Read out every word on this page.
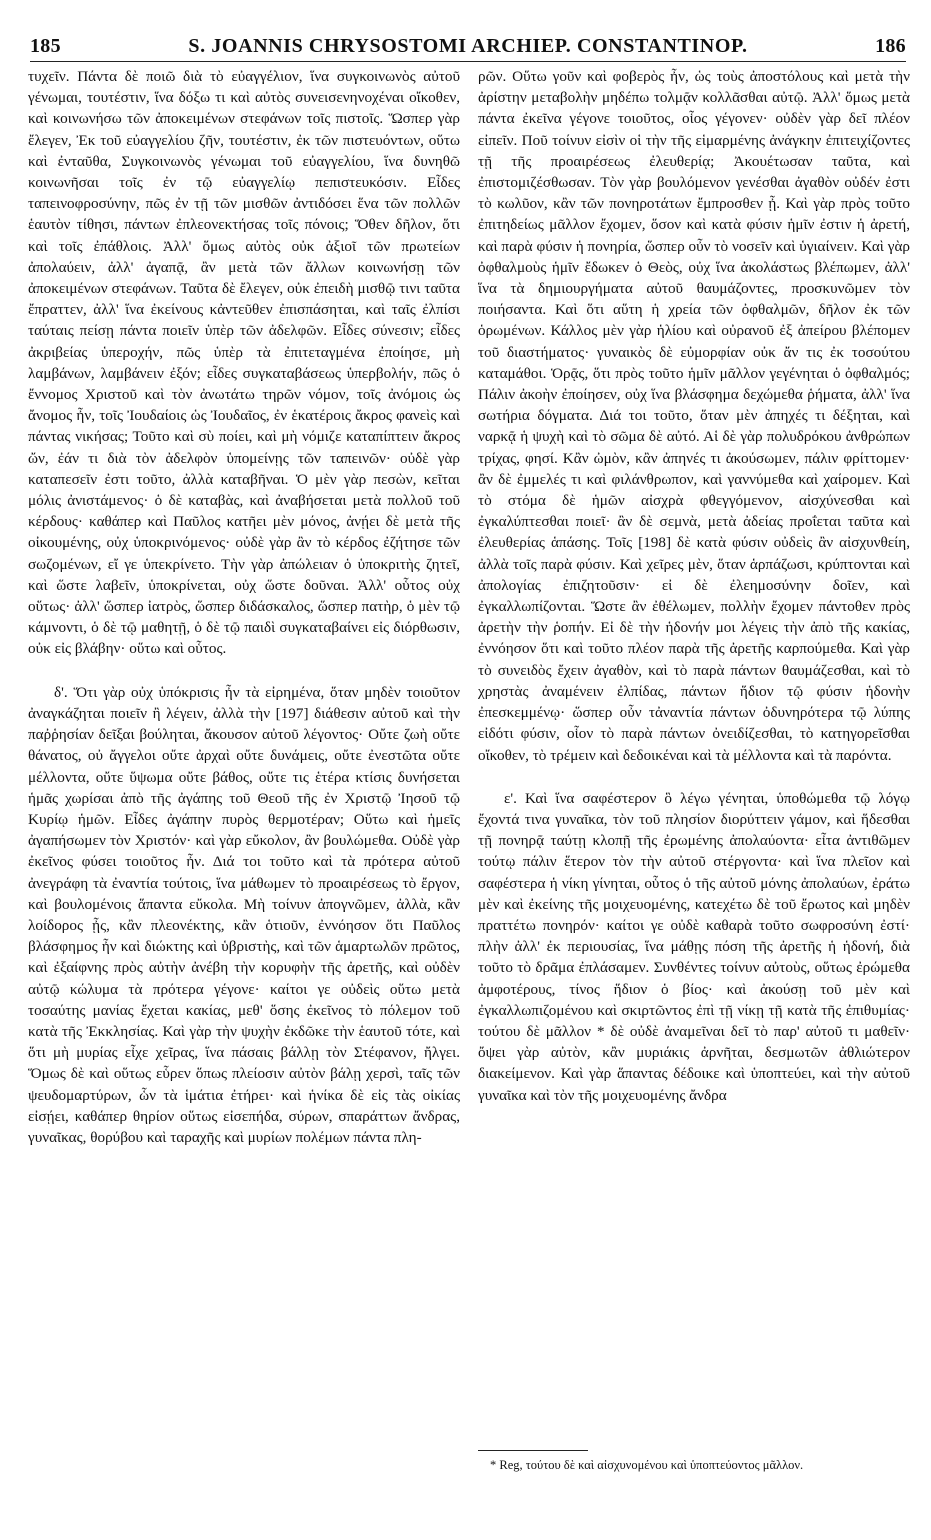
185	S. JOANNIS CHRYSOSTOMI ARCHIEP. CONSTANTINOP.	186

τυχεῖν. Πάντα δὲ ποιῶ διὰ τὸ εὐαγγέλιον, ἵνα συγκοινωνὸς αὐτοῦ γένωμαι, τουτέστιν, ἵνα δόξω τι καὶ αὐτὸς συνεισενηνοχέναι οἴκοθεν, καὶ κοινωνήσω τῶν ἀποκειμένων στεφάνων τοῖς πιστοῖς. Ὥσπερ γὰρ ἔλεγεν, Ἐκ τοῦ εὐαγγελίου ζῆν, τουτέστιν, ἐκ τῶν πιστευόντων, οὕτω καὶ ἐνταῦθα, Συγκοινωνὸς γένωμαι τοῦ εὐαγγελίου, ἵνα δυνηθῶ κοινωνῆσαι τοῖς ἐν τῷ εὐαγγελίῳ πεπιστευκόσιν. Εἶδες ταπεινοφροσύνην, πῶς ἐν τῇ τῶν μισθῶν ἀντιδόσει ἕνα τῶν πολλῶν ἑαυτὸν τίθησι, πάντων ἐπλεονεκτήσας τοῖς πόνοις; Ὅθεν δῆλον, ὅτι καὶ τοῖς ἐπάθλοις. Ἀλλ' ὅμως αὐτὸς οὐκ ἀξιοῖ τῶν πρωτείων ἀπολαύειν, ἀλλ' ἀγαπᾷ, ἂν μετὰ τῶν ἄλλων κοινωνήσῃ τῶν ἀποκειμένων στεφάνων. Ταῦτα δὲ ἔλεγεν, οὐκ ἐπειδὴ μισθῷ τινι ταῦτα ἔπραττεν, ἀλλ' ἵνα ἐκείνους κἀντεῦθεν ἐπισπάσηται, καὶ ταῖς ἐλπίσι ταύταις πείσῃ πάντα ποιεῖν ὑπὲρ τῶν ἀδελφῶν. Εἶδες σύνεσιν; εἶδες ἀκριβείας ὑπεροχήν, πῶς ὑπὲρ τὰ ἐπιτεταγμένα ἐποίησε, μὴ λαμβάνων, λαμβάνειν ἐξόν; εἶδες συγκαταβάσεως ὑπερβολήν, πῶς ὁ ἔννομος Χριστοῦ καὶ τὸν ἀνωτάτω τηρῶν νόμον, τοῖς ἀνόμοις ὡς ἄνομος ἦν, τοῖς Ἰουδαίοις ὡς Ἰουδαῖος, ἐν ἑκατέροις ἄκρος φανεὶς καὶ πάντας νικήσας; Τοῦτο καὶ σὺ ποίει, καὶ μὴ νόμιζε καταπίπτειν ἄκρος ὤν, ἐάν τι διὰ τὸν ἀδελφὸν ὑπομείνῃς τῶν ταπεινῶν· οὐδὲ γὰρ καταπεσεῖν ἐστι τοῦτο, ἀλλὰ καταβῆναι. Ὁ μὲν γὰρ πεσὼν, κεῖται μόλις ἀνιστάμενος· ὁ δὲ καταβὰς, καὶ ἀναβήσεται μετὰ πολλοῦ τοῦ κέρδους· καθάπερ καὶ Παῦλος κατῆει μὲν μόνος, ἀνῄει δὲ μετὰ τῆς οἰκουμένης, οὐχ ὑποκρινόμενος· οὐδὲ γὰρ ἂν τὸ κέρδος ἐζήτησε τῶν σωζομένων, εἴ γε ὑπεκρίνετο. Τὴν γὰρ ἀπώλειαν ὁ ὑποκριτὴς ζητεῖ, καὶ ὥστε λαβεῖν, ὑποκρίνεται, οὐχ ὥστε δοῦναι. Ἀλλ' οὗτος οὐχ οὕτως· ἀλλ' ὥσπερ ἰατρὸς, ὥσπερ διδάσκαλος, ὥσπερ πατὴρ, ὁ μὲν τῷ κάμνοντι, ὁ δὲ τῷ μαθητῇ, ὁ δὲ τῷ παιδὶ συγκαταβαίνει εἰς διόρθωσιν, οὐκ εἰς βλάβην· οὕτω καὶ οὗτος.

δ'. Ὅτι γὰρ οὐχ ὑπόκρισις ἦν τὰ εἰρημένα, ὅταν μηδὲν τοιοῦτον ἀναγκάζηται ποιεῖν ἢ λέγειν, ἀλλὰ τὴν [197] διάθεσιν αὐτοῦ καὶ τὴν παῤῥησίαν δεῖξαι βούληται, ἄκουσον αὐτοῦ λέγοντος· Οὔτε ζωὴ οὔτε θάνατος, οὐ ἄγγελοι οὔτε ἀρχαὶ οὔτε δυνάμεις, οὔτε ἐνεστῶτα οὔτε μέλλοντα, οὔτε ὕψωμα οὔτε βάθος, οὔτε τις ἑτέρα κτίσις δυνήσεται ἡμᾶς χωρίσαι ἀπὸ τῆς ἀγάπης τοῦ Θεοῦ τῆς ἐν Χριστῷ Ἰησοῦ τῷ Κυρίῳ ἡμῶν. Εἶδες ἀγάπην πυρὸς θερμοτέραν; Οὕτω καὶ ἡμεῖς ἀγαπήσωμεν τὸν Χριστόν· καὶ γὰρ εὔκολον, ἂν βουλώμεθα. Οὐδὲ γὰρ ἐκεῖνος φύσει τοιοῦτος ἦν. Διά τοι τοῦτο καὶ τὰ πρότερα αὐτοῦ ἀνεγράφη τὰ ἐναντία τούτοις, ἵνα μάθωμεν τὸ προαιρέσεως τὸ ἔργον, καὶ βουλομένοις ἅπαντα εὔκολα. Μὴ τοίνυν ἀπογνῶμεν, ἀλλὰ, κἂν λοίδορος ᾖς, κἂν πλεονέκτης, κἂν ὁτιοῦν, ἐννόησον ὅτι Παῦλος βλάσφημος ἦν καὶ διώκτης καὶ ὑβριστὴς, καὶ τῶν ἁμαρτωλῶν πρῶτος, καὶ ἐξαίφνης πρὸς αὐτὴν ἀνέβη τὴν κορυφὴν τῆς ἀρετῆς, καὶ οὐδὲν αὐτῷ κώλυμα τὰ πρότερα γέγονε· καίτοι γε οὐδεὶς οὕτω μετὰ τοσαύτης μανίας ἔχεται κακίας, μεθ' ὅσης ἐκεῖνος τὸ πόλεμον τοῦ κατὰ τῆς Ἐκκλησίας. Καὶ γὰρ τὴν ψυχὴν ἐκδῶκε τὴν ἑαυτοῦ τότε, καὶ ὅτι μὴ μυρίας εἶχε χεῖρας, ἵνα πάσαις βάλλῃ τὸν Στέφανον, ἤλγει. Ὅμως δὲ καὶ οὕτως εὗρεν ὅπως πλείοσιν αὐτὸν βάλῃ χερσὶ, ταῖς τῶν ψευδομαρτύρων, ὧν τὰ ἱμάτια ἐτήρει· καὶ ἡνίκα δὲ εἰς τὰς οἰκίας εἰσῄει, καθάπερ θηρίον οὕτως εἰσεπήδα, σύρων, σπαράττων ἄνδρας, γυναῖκας, θορύβου καὶ ταραχῆς καὶ μυρίων πολέμων πάντα πλη-

ρῶν. Οὕτω γοῦν καὶ φοβερὸς ἦν, ὡς τοὺς ἀποστόλους καὶ μετὰ τὴν ἀρίστην μεταβολὴν μηδέπω τολμᾷν κολλᾶσθαι αὐτῷ. Ἀλλ' ὅμως μετὰ πάντα ἐκεῖνα γέγονε τοιοῦτος, οἷος γέγονεν· οὐδὲν γὰρ δεῖ πλέον εἰπεῖν. Ποῦ τοίνυν εἰσὶν οἱ τὴν τῆς εἱμαρμένης ἀνάγκην ἐπιτειχίζοντες τῇ τῆς προαιρέσεως ἐλευθερίᾳ; Ἀκουέτωσαν ταῦτα, καὶ ἐπιστομιζέσθωσαν. Τὸν γὰρ βουλόμενον γενέσθαι ἀγαθὸν οὐδέν ἐστι τὸ κωλῦον, κἂν τῶν πονηροτάτων ἔμπροσθεν ᾖ. Καὶ γὰρ πρὸς τοῦτο ἐπιτηδείως μᾶλλον ἔχομεν, ὅσον καὶ κατὰ φύσιν ἡμῖν ἐστιν ἡ ἀρετή, καὶ παρὰ φύσιν ἡ πονηρία, ὥσπερ οὖν τὸ νοσεῖν καὶ ὑγιαίνειν. Καὶ γὰρ ὀφθαλμοὺς ἡμῖν ἔδωκεν ὁ Θεὸς, οὐχ ἵνα ἀκολάστως βλέπωμεν, ἀλλ' ἵνα τὰ δημιουργήματα αὐτοῦ θαυμάζοντες, προσκυνῶμεν τὸν ποιήσαντα. Καὶ ὅτι αὕτη ἡ χρεία τῶν ὀφθαλμῶν, δῆλον ἐκ τῶν ὁρωμένων. Κάλλος μὲν γὰρ ἡλίου καὶ οὐρανοῦ ἐξ ἀπείρου βλέπομεν τοῦ διαστήματος· γυναικὸς δὲ εὐμορφίαν οὐκ ἄν τις ἐκ τοσούτου καταμάθοι. Ὁρᾷς, ὅτι πρὸς τοῦτο ἡμῖν μᾶλλον γεγένηται ὁ ὀφθαλμός; Πάλιν ἀκοὴν ἐποίησεν, οὐχ ἵνα βλάσφημα δεχώμεθα ῥήματα, ἀλλ' ἵνα σωτήρια δόγματα. Διά τοι τοῦτο, ὅταν μὲν ἀπηχές τι δέξηται, καὶ ναρκᾷ ἡ ψυχὴ καὶ τὸ σῶμα δὲ αὐτό. Αἱ δὲ γὰρ πολυδρόκου ἀνθρώπων τρίχας, φησί. Κἂν ὠμὸν, κἂν ἀπηνές τι ἀκούσωμεν, πάλιν φρίττομεν· ἂν δὲ ἐμμελές τι καὶ φιλάνθρωπον, καὶ γαννύμεθα καὶ χαίρομεν. Καὶ τὸ στόμα δὲ ἡμῶν αἰσχρὰ φθεγγόμενον, αἰσχύνεσθαι καὶ ἐγκαλύπτεσθαι ποιεῖ· ἂν δὲ σεμνὰ, μετὰ ἀδείας προΐεται ταῦτα καὶ ἐλευθερίας ἁπάσης. Τοῖς [198] δὲ κατὰ φύσιν οὐδεὶς ἂν αἰσχυνθείη, ἀλλὰ τοῖς παρὰ φύσιν. Καὶ χεῖρες μὲν, ὅταν ἁρπάζωσι, κρύπτονται καὶ ἀπολογίας ἐπιζητοῦσιν· εἰ δὲ ἐλεημοσύνην δοῖεν, καὶ ἐγκαλλωπίζονται. Ὥστε ἂν ἐθέλωμεν, πολλὴν ἔχομεν πάντοθεν πρὸς ἀρετὴν τὴν ῥοπήν. Εἰ δὲ τὴν ἡδονήν μοι λέγεις τὴν ἀπὸ τῆς κακίας, ἐννόησον ὅτι καὶ τοῦτο πλέον παρὰ τῆς ἀρετῆς καρπούμεθα. Καὶ γὰρ τὸ συνειδὸς ἔχειν ἀγαθὸν, καὶ τὸ παρὰ πάντων θαυμάζεσθαι, καὶ τὸ χρηστὰς ἀναμένειν ἐλπίδας, πάντων ἥδιον τῷ φύσιν ἡδονὴν ἐπεσκεμμένῳ· ὥσπερ οὖν τἀναντία πάντων ὀδυνηρότερα τῷ λύπης εἰδότι φύσιν, οἷον τὸ παρὰ πάντων ὀνειδίζεσθαι, τὸ κατηγορεῖσθαι οἴκοθεν, τὸ τρέμειν καὶ δεδοικέναι καὶ τὰ μέλλοντα καὶ τὰ παρόντα.

ε'. Καὶ ἵνα σαφέστερον ὃ λέγω γένηται, ὑποθώμεθα τῷ λόγῳ ἔχοντά τινα γυναῖκα, τὸν τοῦ πλησίον διορύττειν γάμον, καὶ ἥδεσθαι τῇ πονηρᾷ ταύτῃ κλοπῇ τῆς ἐρωμένης ἀπολαύοντα· εἶτα ἀντιθῶμεν τούτῳ πάλιν ἕτερον τὸν τὴν αὐτοῦ στέργοντα· καὶ ἵνα πλεῖον καὶ σαφέστερα ἡ νίκη γίνηται, οὗτος ὁ τῆς αὐτοῦ μόνης ἀπολαύων, ἐράτω μὲν καὶ ἐκείνης τῆς μοιχευομένης, κατεχέτω δὲ τοῦ ἔρωτος καὶ μηδὲν πραττέτω πονηρόν· καίτοι γε οὐδὲ καθαρὰ τοῦτο σωφροσύνη ἐστί· πλὴν ἀλλ' ἐκ περιουσίας, ἵνα μάθῃς πόση τῆς ἀρετῆς ἡ ἡδονή, διὰ τοῦτο τὸ δρᾶμα ἐπλάσαμεν. Συνθέντες τοίνυν αὐτοὺς, οὕτως ἐρώμεθα ἀμφοτέρους, τίνος ἥδιον ὁ βίος· καὶ ἀκούσῃ τοῦ μὲν καὶ ἐγκαλλωπιζομένου καὶ σκιρτῶντος ἐπὶ τῇ νίκῃ τῇ κατὰ τῆς ἐπιθυμίας· τούτου δὲ μᾶλλον * δὲ οὐδὲ ἀναμεῖναι δεῖ τὸ παρ' αὐτοῦ τι μαθεῖν· ὄψει γὰρ αὐτὸν, κἂν μυριάκις ἀρνῆται, δεσμωτῶν ἀθλιώτερον διακείμενον. Καὶ γὰρ ἅπαντας δέδοικε καὶ ὑποπτεύει, καὶ τὴν αὐτοῦ γυναῖκα καὶ τὸν τῆς μοιχευομένης ἄνδρα

* Reg, τούτου δὲ καὶ αἰσχυνομένου καὶ ὑποπτεύοντος μᾶλλον.
